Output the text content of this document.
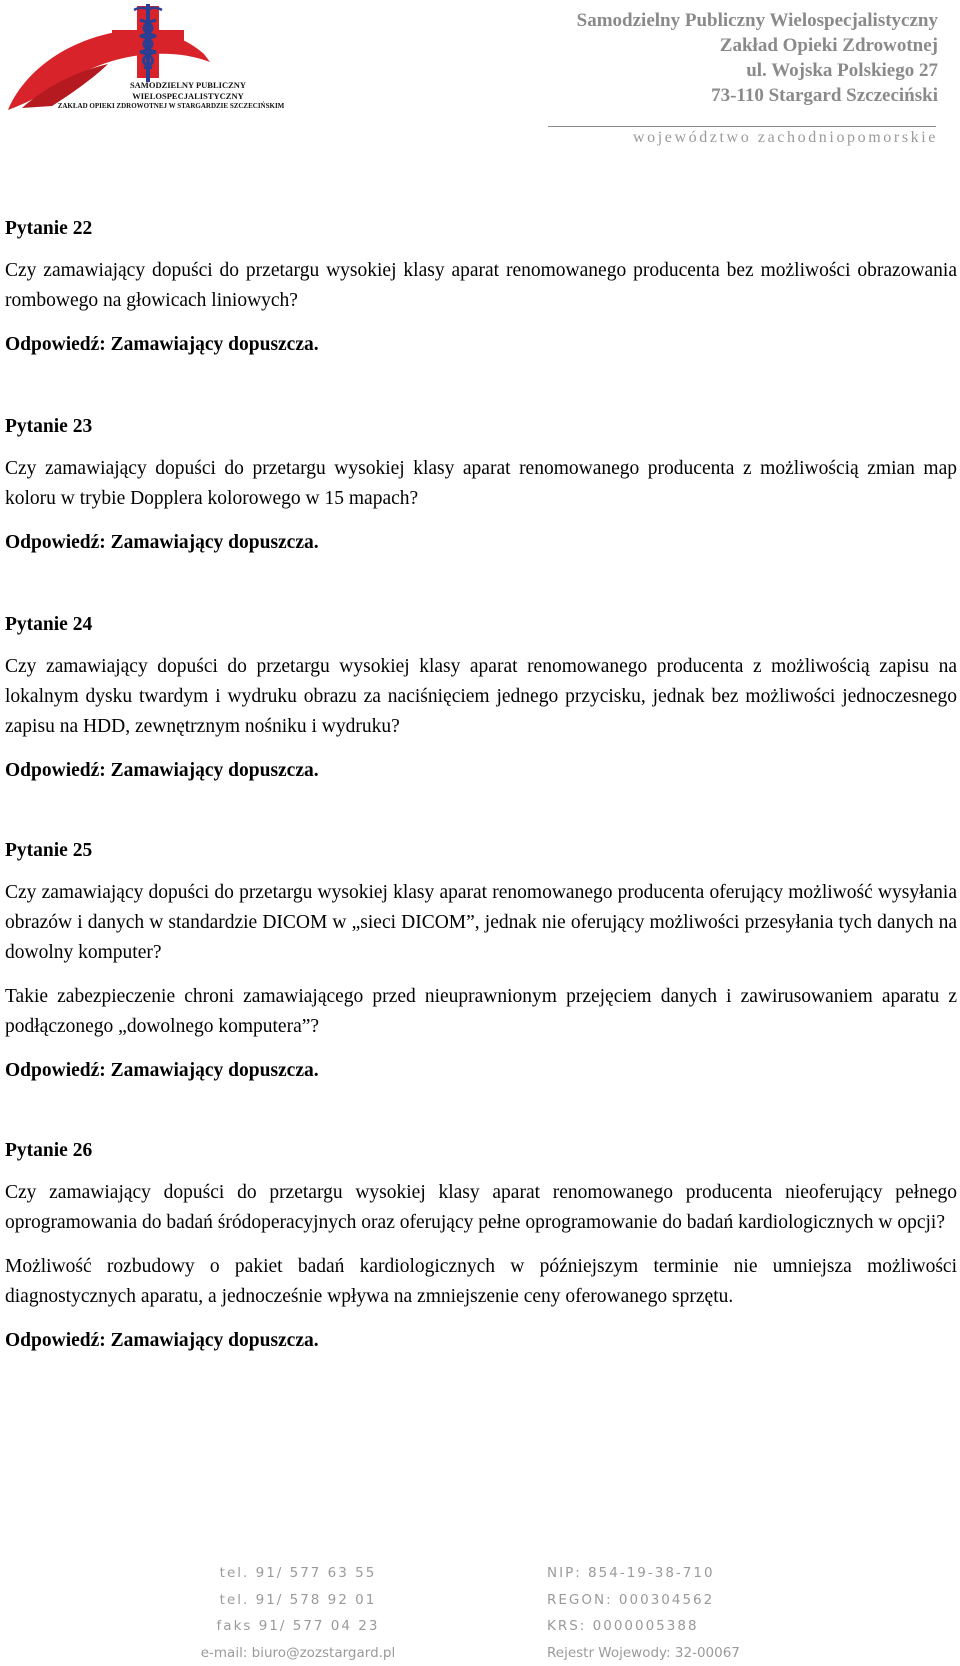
SAMODZIELNY PUBLICZNY
WIELOSPECJALISTYCZNY
ZAKŁAD OPIEKI ZDROWOTNEJ W STARGARDZIE SZCZECIŃSKIM
Samodzielny Publiczny Wielospecjalistyczny
Zakład Opieki Zdrowotnej
ul. Wojska Polskiego 27
73-110 Stargard Szczeciński
województwo zachodniopomorskie

Pytanie 22

Czy zamawiający dopuści do przetargu wysokiej klasy aparat renomowanego producenta bez możliwości obrazowania rombowego na głowicach liniowych?

Odpowiedź: Zamawiający dopuszcza.

Pytanie 23

Czy zamawiający dopuści do przetargu wysokiej klasy aparat renomowanego producenta z możliwością zmian map koloru w trybie Dopplera kolorowego w 15 mapach?

Odpowiedź: Zamawiający dopuszcza.

Pytanie 24

Czy zamawiający dopuści do przetargu wysokiej klasy aparat renomowanego producenta z możliwością zapisu na lokalnym dysku twardym i wydruku obrazu za naciśnięciem jednego przycisku, jednak bez możliwości jednoczesnego zapisu na HDD, zewnętrznym nośniku i wydruku?

Odpowiedź: Zamawiający dopuszcza.

Pytanie 25

Czy zamawiający dopuści do przetargu wysokiej klasy aparat renomowanego producenta oferujący możliwość wysyłania obrazów i danych w standardzie DICOM w „sieci DICOM”, jednak nie oferujący możliwości przesyłania tych danych na dowolny komputer?

Takie zabezpieczenie chroni zamawiającego przed nieuprawnionym przejęciem danych i zawirusowaniem aparatu z podłączonego „dowolnego komputera”?

Odpowiedź: Zamawiający dopuszcza.

Pytanie 26

Czy zamawiający dopuści do przetargu wysokiej klasy aparat renomowanego producenta nieoferujący pełnego oprogramowania do badań śródoperacyjnych oraz oferujący pełne oprogramowanie do badań kardiologicznych w opcji?

Możliwość rozbudowy o pakiet badań kardiologicznych w późniejszym terminie nie umniejsza możliwości diagnostycznych aparatu, a jednocześnie wpływa na zmniejszenie ceny oferowanego sprzętu.

Odpowiedź: Zamawiający dopuszcza.

tel. 91/ 577 63 55
tel. 91/ 578 92 01
faks 91/ 577 04 23
e-mail: biuro@zozstargard.pl
NIP: 854-19-38-710
REGON: 000304562
KRS: 0000005388
Rejestr Wojewody: 32-00067
